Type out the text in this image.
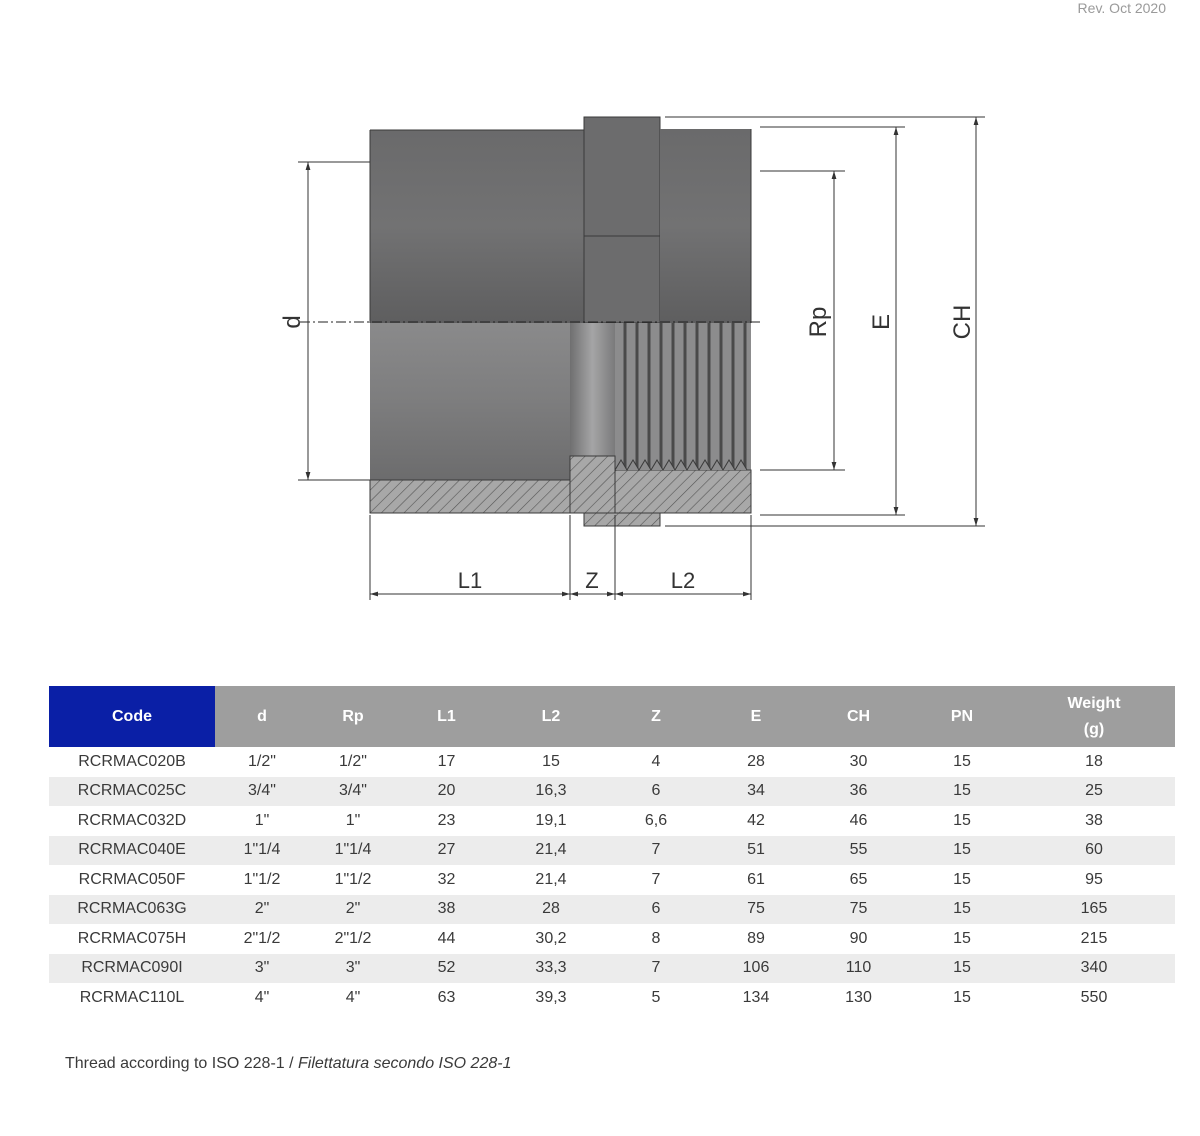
Rev. Oct 2020
d	Rp E CH
L1	Z	L2
Code	d	Rp	L1	L2	Z	E	CH	PN	Weight
(g)
RCRMAC020B	1/2"	1/2"	17	15	4	28	30	15	18
RCRMAC025C	3/4"	3/4"	20	16,3	6	34	36	15	25
RCRMAC032D	1"	1"	23	19,1	6,6	42	46	15	38
RCRMAC040E	1"1/4	1"1/4	27	21,4	7	51	55	15	60
RCRMAC050F	1"1/2	1"1/2	32	21,4	7	61	65	15	95
RCRMAC063G	2"	2"	38	28	6	75	75	15	165
RCRMAC075H	2"1/2	2"1/2	44	30,2	8	89	90	15	215
RCRMAC090I	3"	3"	52	33,3	7	106	110	15	340
RCRMAC110L	4"	4"	63	39,3	5	134	130	15	550
Thread according to ISO 228-1 / Filettatura secondo ISO 228-1
